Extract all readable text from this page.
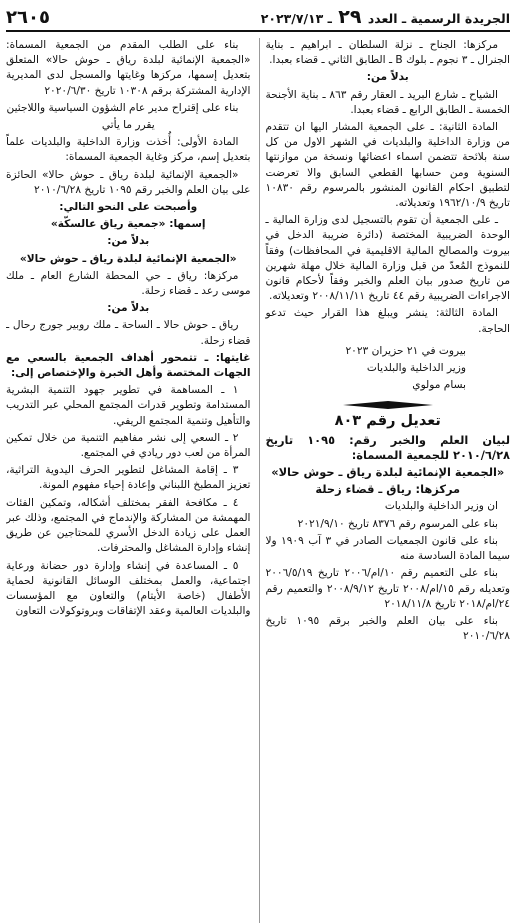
الجريدة الرسمية ـ العدد ٢٩ ـ ٢٠٢٣/٧/١٣
٢٦٠٥

مركزها: الجناح ـ نزلة السلطان ـ ابراهيم ـ بناية الجنرال ـ ٣ نجوم ـ بلوك B ـ الطابق الثاني ـ قضاء بعبدا.

بدلاً من:

الشياح ـ شارع البريد ـ العقار رقم ٨٦٣ ـ بناية الأجنحة الخمسة ـ الطابق الرابع ـ قضاء بعبدا.

المادة الثانية: ـ على الجمعية المشار اليها ان تتقدم من وزارة الداخلية والبلديات في الشهر الاول من كل سنة بلائحة تتضمن اسماء اعضائها ونسخة من موازنتها السنوية ومن حسابها القطعي السابق والا تعرضت لتطبيق احكام القانون المنشور بالمرسوم رقم ١٠٨٣٠ تاريخ ١٩٦٢/١٠/٩ وتعديلاته.

ـ على الجمعية أن تقوم بالتسجيل لدى وزارة المالية ـ الوحدة الضريبية المختصة (دائرة ضريبة الدخل في بيروت والمصالح المالية الاقليمية في المحافظات) وفقاً للنموذج المُعدّ من قبل وزارة المالية خلال مهلة شهرين من تاريخ صدور بيان العلم والخبر وفقاً لأحكام قانون الاجراءات الضريبية رقم ٤٤ تاريخ ٢٠٠٨/١١/١١ وتعديلاته.

المادة الثالثة: ينشر ويبلغ هذا القرار حيث تدعو الحاجة.

بيروت في ٢١ حزيران ٢٠٢٣

وزير الداخلية والبلديات

بسام مولوي

تعديل رقم ٨٠٣

لبيان العلم والخبر رقم: ١٠٩٥ تاريخ ٢٠١٠/٦/٢٨ للجمعية المسماة:

«الجمعية الإنمائية لبلدة رياق ـ حوش حالا»

مركزها: رياق ـ قضاء زحلة

ان وزير الداخلية والبلديات

بناء على المرسوم رقم ٨٣٧٦ تاريخ ٢٠٢١/٩/١٠

بناء على قانون الجمعيات الصادر في ٣ آب ١٩٠٩ ولا سيما المادة السادسة منه

بناء على التعميم رقم ١٠/ام/٢٠٠٦ تاريخ ٢٠٠٦/٥/١٩ وتعديله رقم ١٥/ام/٢٠٠٨ تاريخ ٢٠٠٨/٩/١٢ والتعميم رقم ٢٤/ام/٢٠١٨ تاريخ ٢٠١٨/١١/٨

بناء على بيان العلم والخبر برقم ١٠٩٥ تاريخ ٢٠١٠/٦/٢٨

بناء على الطلب المقدم من الجمعية المسماة: «الجمعية الإنمائية لبلدة رياق ـ حوش حالا» المتعلق بتعديل إسمها، مركزها وغايتها والمسجل لدى المديرية الإدارية المشتركة برقم ١٠٣٠٨ تاريخ ٢٠٢٠/٦/٣٠

بناء على إقتراح مدير عام الشؤون السياسية واللاجئين

يقرر ما يأتي

المادة الأولى: أُخذت وزارة الداخلية والبلديات علماً بتعديل إسم، مركز وغاية الجمعية المسماة:

«الجمعية الإنمائية لبلدة رياق ـ حوش حالا» الحائزة على بيان العلم والخبر رقم ١٠٩٥ تاريخ ٢٠١٠/٦/٢٨

وأصبحت على النحو التالي:

إسمها: «جمعية رياق عالسكّة»

بدلاً من:

«الجمعية الإنمائية لبلدة رياق ـ حوش حالا»

مركزها: رياق ـ حي المحطة الشارع العام ـ ملك موسى رعد ـ قضاء زحلة.

بدلاً من:

رياق ـ حوش حالا ـ الساحة ـ ملك روبير جورج رحال ـ قضاء زحلة.

غايتها: ـ تتمحور أهداف الجمعية بالسعي مع الجهات المختصة وأهل الخبرة والإختصاص إلى:

١ ـ المساهمة في تطوير جهود التنمية البشرية المستدامة وتطوير قدرات المجتمع المحلي عبر التدريب والتأهيل وتنمية المجتمع الريفي.

٢ ـ السعي إلى نشر مفاهيم التنمية من خلال تمكين المرأة من لعب دور ريادي في المجتمع.

٣ ـ إقامة المشاغل لتطوير الحرف اليدوية التراثية، تعزيز المطبخ اللبناني وإعادة إحياء مفهوم المونة.

٤ ـ مكافحة الفقر بمختلف أشكاله، وتمكين الفئات المهمشة من المشاركة والإندماج في المجتمع، وذلك عبر العمل على زيادة الدخل الأسري للمحتاجين عن طريق إنشاء وإدارة المشاغل والمحترفات.

٥ ـ المساعدة في إنشاء وإدارة دور حضانة ورعاية اجتماعية، والعمل بمختلف الوسائل القانونية لحماية الأطفال (خاصة الأيتام) والتعاون مع المؤسسات والبلديات العالمية وعقد الإتفاقات وبروتوكولات التعاون
